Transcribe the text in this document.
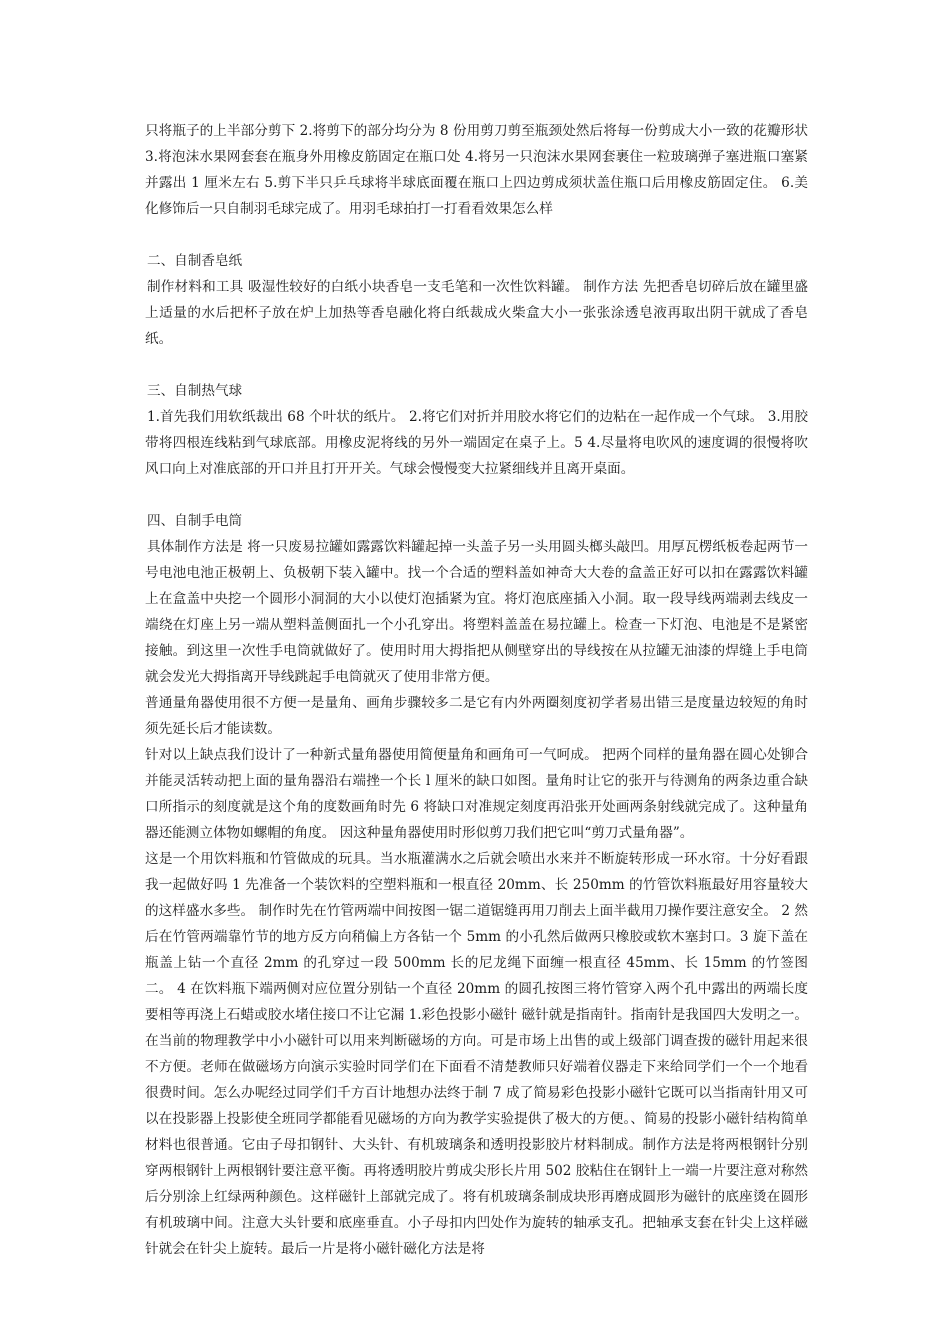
只将瓶子的上半部分剪下 2.将剪下的部分均分为 8 份用剪刀剪至瓶颈处然后将每一份剪成大小一致的花瓣形状 3.将泡沫水果网套套在瓶身外用橡皮筋固定在瓶口处 4.将另一只泡沫水果网套裹住一粒玻璃弹子塞进瓶口塞紧并露出 1 厘米左右 5.剪下半只乒乓球将半球底面覆在瓶口上四边剪成须状盖住瓶口后用橡皮筋固定住。 6.美化修饰后一只自制羽毛球完成了。用羽毛球拍打一打看看效果怎么样

二、自制香皂纸

制作材料和工具 吸湿性较好的白纸小块香皂一支毛笔和一次性饮料罐。 制作方法 先把香皂切碎后放在罐里盛上适量的水后把杯子放在炉上加热等香皂融化将白纸裁成火柴盒大小一张张涂透皂液再取出阴干就成了香皂纸。

三、自制热气球

1.首先我们用软纸裁出 68 个叶状的纸片。 2.将它们对折并用胶水将它们的边粘在一起作成一个气球。 3.用胶带将四根连线粘到气球底部。用橡皮泥将线的另外一端固定在桌子上。5 4.尽量将电吹风的速度调的很慢将吹风口向上对准底部的开口并且打开开关。气球会慢慢变大拉紧细线并且离开桌面。

四、自制手电筒

具体制作方法是 将一只废易拉罐如露露饮料罐起掉一头盖子另一头用圆头榔头敲凹。用厚瓦楞纸板卷起两节一号电池电池正极朝上、负极朝下装入罐中。找一个合适的塑料盖如神奇大大卷的盒盖正好可以扣在露露饮料罐上在盒盖中央挖一个圆形小洞洞的大小以使灯泡插紧为宜。将灯泡底座插入小洞。取一段导线两端剥去线皮一端绕在灯座上另一端从塑料盖侧面扎一个小孔穿出。将塑料盖盖在易拉罐上。检查一下灯泡、电池是不是紧密接触。到这里一次性手电筒就做好了。使用时用大拇指把从侧壁穿出的导线按在从拉罐无油漆的焊缝上手电筒就会发光大拇指离开导线跳起手电筒就灭了使用非常方便。

普通量角器使用很不方便一是量角、画角步骤较多二是它有内外两圈刻度初学者易出错三是度量边较短的角时须先延长后才能读数。

针对以上缺点我们设计了一种新式量角器使用简便量角和画角可一气呵成。 把两个同样的量角器在圆心处铆合并能灵活转动把上面的量角器沿右端挫一个长 l 厘米的缺口如图。量角时让它的张开与待测角的两条边重合缺口所指示的刻度就是这个角的度数画角时先 6 将缺口对准规定刻度再沿张开处画两条射线就完成了。这种量角器还能测立体物如螺帽的角度。 因这种量角器使用时形似剪刀我们把它叫“剪刀式量角器”。

这是一个用饮料瓶和竹管做成的玩具。当水瓶灌满水之后就会喷出水来并不断旋转形成一环水帘。十分好看跟我一起做好吗 1 先准备一个装饮料的空塑料瓶和一根直径 20mm、长 250mm 的竹管饮料瓶最好用容量较大的这样盛水多些。 制作时先在竹管两端中间按图一锯二道锯缝再用刀削去上面半截用刀操作要注意安全。 2 然后在竹管两端靠竹节的地方反方向稍偏上方各钻一个 5mm 的小孔然后做两只橡胶或软木塞封口。3 旋下盖在瓶盖上钻一个直径 2mm 的孔穿过一段 500mm 长的尼龙绳下面缠一根直径 45mm、长 15mm 的竹签图二。 4 在饮料瓶下端两侧对应位置分别钻一个直径 20mm 的圆孔按图三将竹管穿入两个孔中露出的两端长度要相等再浇上石蜡或胶水堵住接口不让它漏 1.彩色投影小磁针 磁针就是指南针。指南针是我国四大发明之一。在当前的物理教学中小小磁针可以用来判断磁场的方向。可是市场上出售的或上级部门调查拨的磁针用起来很不方便。老师在做磁场方向演示实验时同学们在下面看不清楚教师只好端着仪器走下来给同学们一个一个地看很费时间。怎么办呢经过同学们千方百计地想办法终于制 7 成了简易彩色投影小磁针它既可以当指南针用又可以在投影器上投影使全班同学都能看见磁场的方向为教学实验提供了极大的方便。、简易的投影小磁针结构简单材料也很普通。它由子母扣钢针、大头针、有机玻璃条和透明投影胶片材料制成。制作方法是将两根钢针分别穿两根钢针上两根钢针要注意平衡。再将透明胶片剪成尖形长片用 502 胶粘住在钢针上一端一片要注意对称然后分别涂上红绿两种颜色。这样磁针上部就完成了。将有机玻璃条制成块形再磨成圆形为磁针的底座烫在圆形有机玻璃中间。注意大头针要和底座垂直。小子母扣内凹处作为旋转的轴承支孔。把轴承支套在针尖上这样磁针就会在针尖上旋转。最后一片是将小磁针磁化方法是将
